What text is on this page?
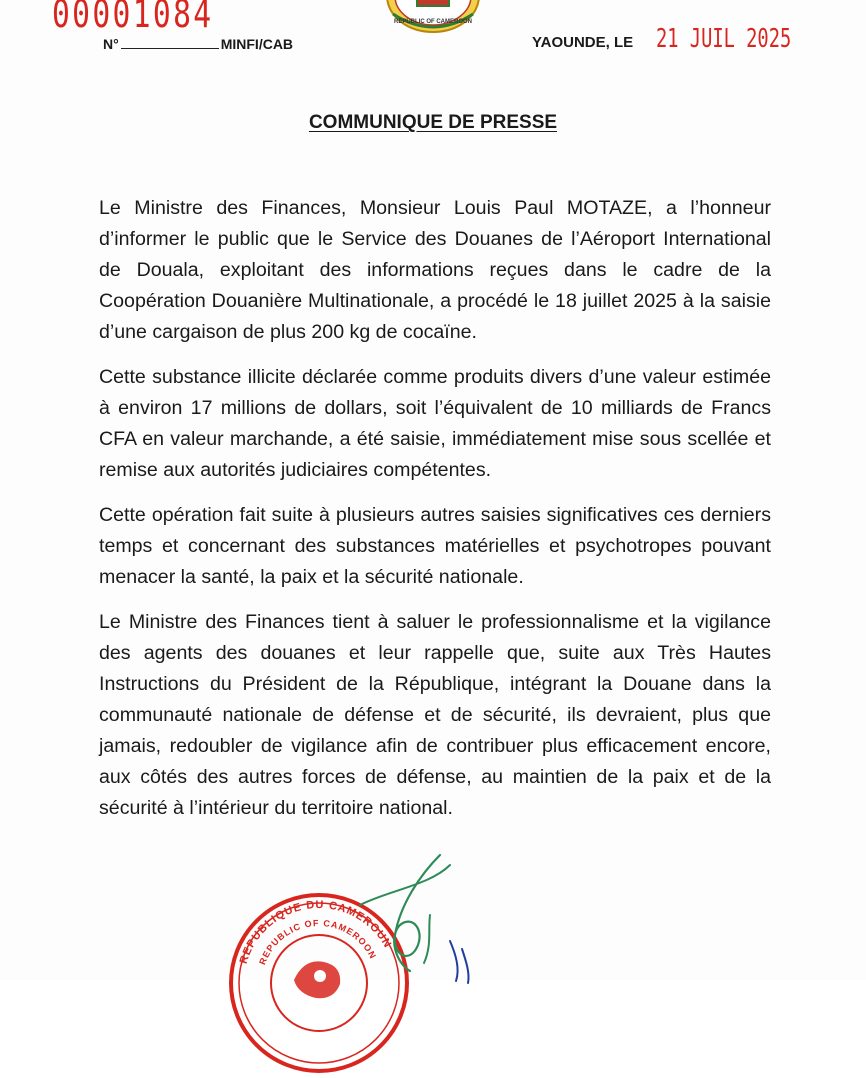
00001084
N°	MINFI/CAB
REPUBLIC OF CAMEROON
YAOUNDE, LE 21 JUIL 2025
COMMUNIQUE DE PRESSE

Le Ministre des Finances, Monsieur Louis Paul MOTAZE, a l’honneur d’informer le public que le Service des Douanes de l’Aéroport International de Douala, exploitant des informations reçues dans le cadre de la Coopération Douanière Multinationale, a procédé le 18 juillet 2025 à la saisie d’une cargaison de plus 200 kg de cocaïne.

Cette substance illicite déclarée comme produits divers d’une valeur estimée à environ 17 millions de dollars, soit l’équivalent de 10 milliards de Francs CFA en valeur marchande, a été saisie, immédiatement mise sous scellée et remise aux autorités judiciaires compétentes.

Cette opération fait suite à plusieurs autres saisies significatives ces derniers temps et concernant des substances matérielles et psychotropes pouvant menacer la santé, la paix et la sécurité nationale.

Le Ministre des Finances tient à saluer le professionnalisme et la vigilance des agents des douanes et leur rappelle que, suite aux Très Hautes Instructions du Président de la République, intégrant la Douane dans la communauté nationale de défense et de sécurité, ils devraient, plus que jamais, redoubler de vigilance afin de contribuer plus efficacement encore, aux côtés des autres forces de défense, au maintien de la paix et de la sécurité à l’intérieur du territoire national.

REPUBLIQUE DU CAMEROUN
REPUBLIC OF CAMEROON
